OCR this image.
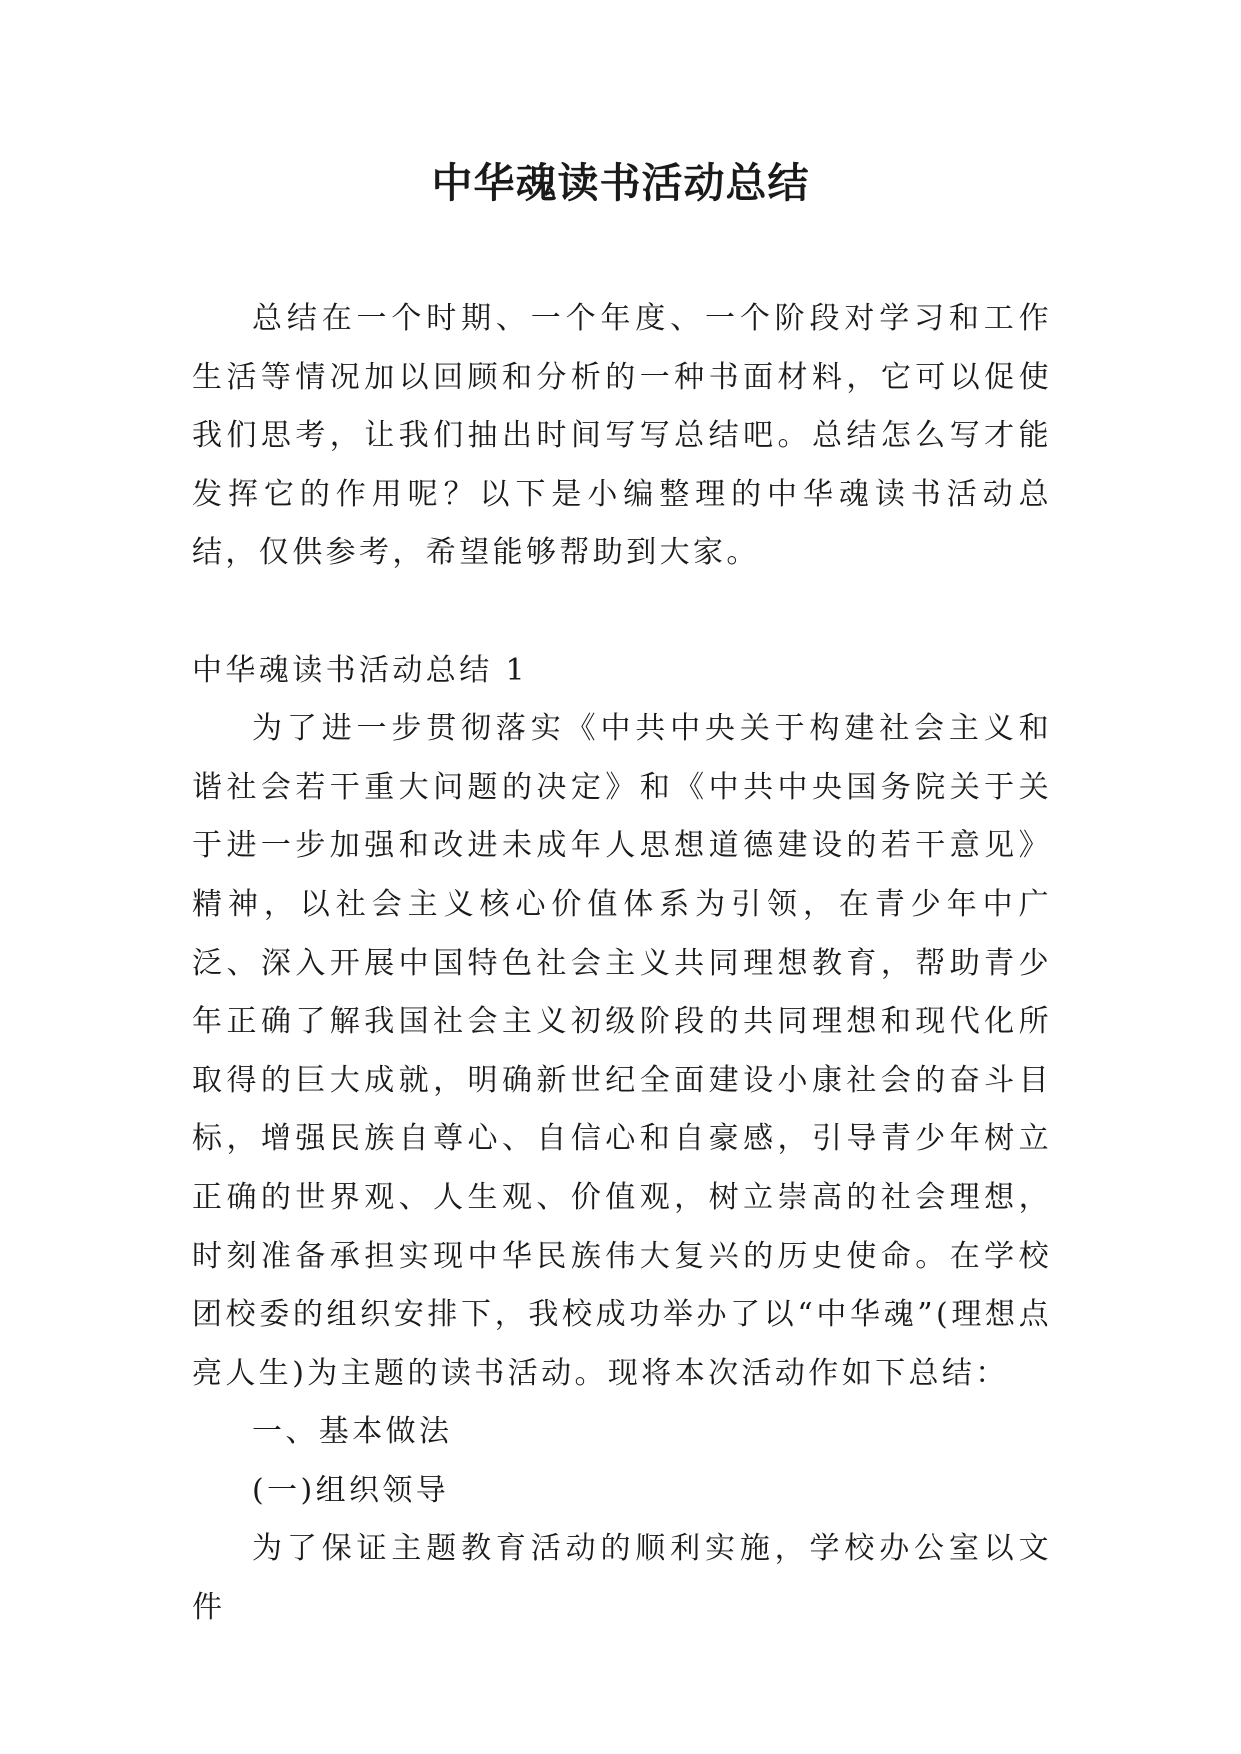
中华魂读书活动总结

总结在一个时期、一个年度、一个阶段对学习和工作生活等情况加以回顾和分析的一种书面材料，它可以促使我们思考，让我们抽出时间写写总结吧。总结怎么写才能发挥它的作用呢？以下是小编整理的中华魂读书活动总结，仅供参考，希望能够帮助到大家。

中华魂读书活动总结 1

为了进一步贯彻落实《中共中央关于构建社会主义和谐社会若干重大问题的决定》和《中共中央国务院关于关于进一步加强和改进未成年人思想道德建设的若干意见》精神，以社会主义核心价值体系为引领，在青少年中广泛、深入开展中国特色社会主义共同理想教育，帮助青少年正确了解我国社会主义初级阶段的共同理想和现代化所取得的巨大成就，明确新世纪全面建设小康社会的奋斗目标，增强民族自尊心、自信心和自豪感，引导青少年树立正确的世界观、人生观、价值观，树立崇高的社会理想，时刻准备承担实现中华民族伟大复兴的历史使命。在学校团校委的组织安排下，我校成功举办了以“中华魂”(理想点亮人生)为主题的读书活动。现将本次活动作如下总结：

一、基本做法

(一)组织领导

为了保证主题教育活动的顺利实施，学校办公室以文件
